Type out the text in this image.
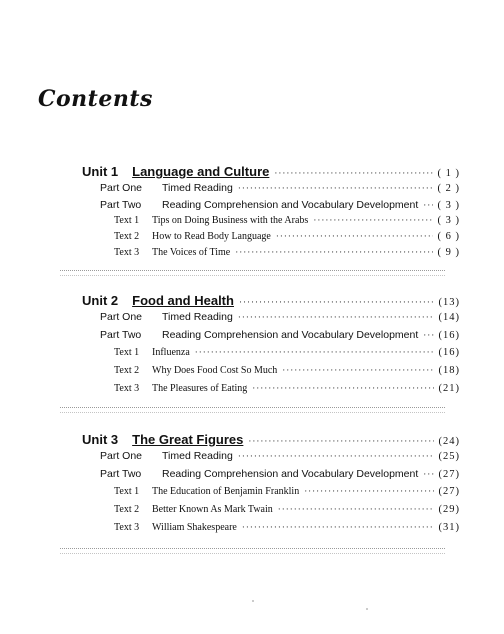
Contents
Unit 1 Language and Culture ·····	( 1 )
Part One	Timed Reading ·····	( 2 )
Part Two	Reading Comprehension and Vocabulary Development ····· ( 3 )
Text 1	Tips on Doing Business with the Arabs ·····	( 3 )
Text 2	How to Read Body Language ·····	( 6 )
Text 3	The Voices of Time ·····	( 9 )
Unit 2 Food and Health ·····	(13)
Part One	Timed Reading ·····	(14)
Part Two	Reading Comprehension and Vocabulary Development ····· (16)
Text 1	Influenza ·····	(16)
Text 2	Why Does Food Cost So Much ·····	(18)
Text 3	The Pleasures of Eating ·····	(21)
Unit 3 The Great Figures ·····	(24)
Part One	Timed Reading ·····	(25)
Part Two	Reading Comprehension and Vocabulary Development ····· (27)
Text 1	The Education of Benjamin Franklin ·····	(27)
Text 2	Better Known As Mark Twain ·····	(29)
Text 3	William Shakespeare ·····	(31)
